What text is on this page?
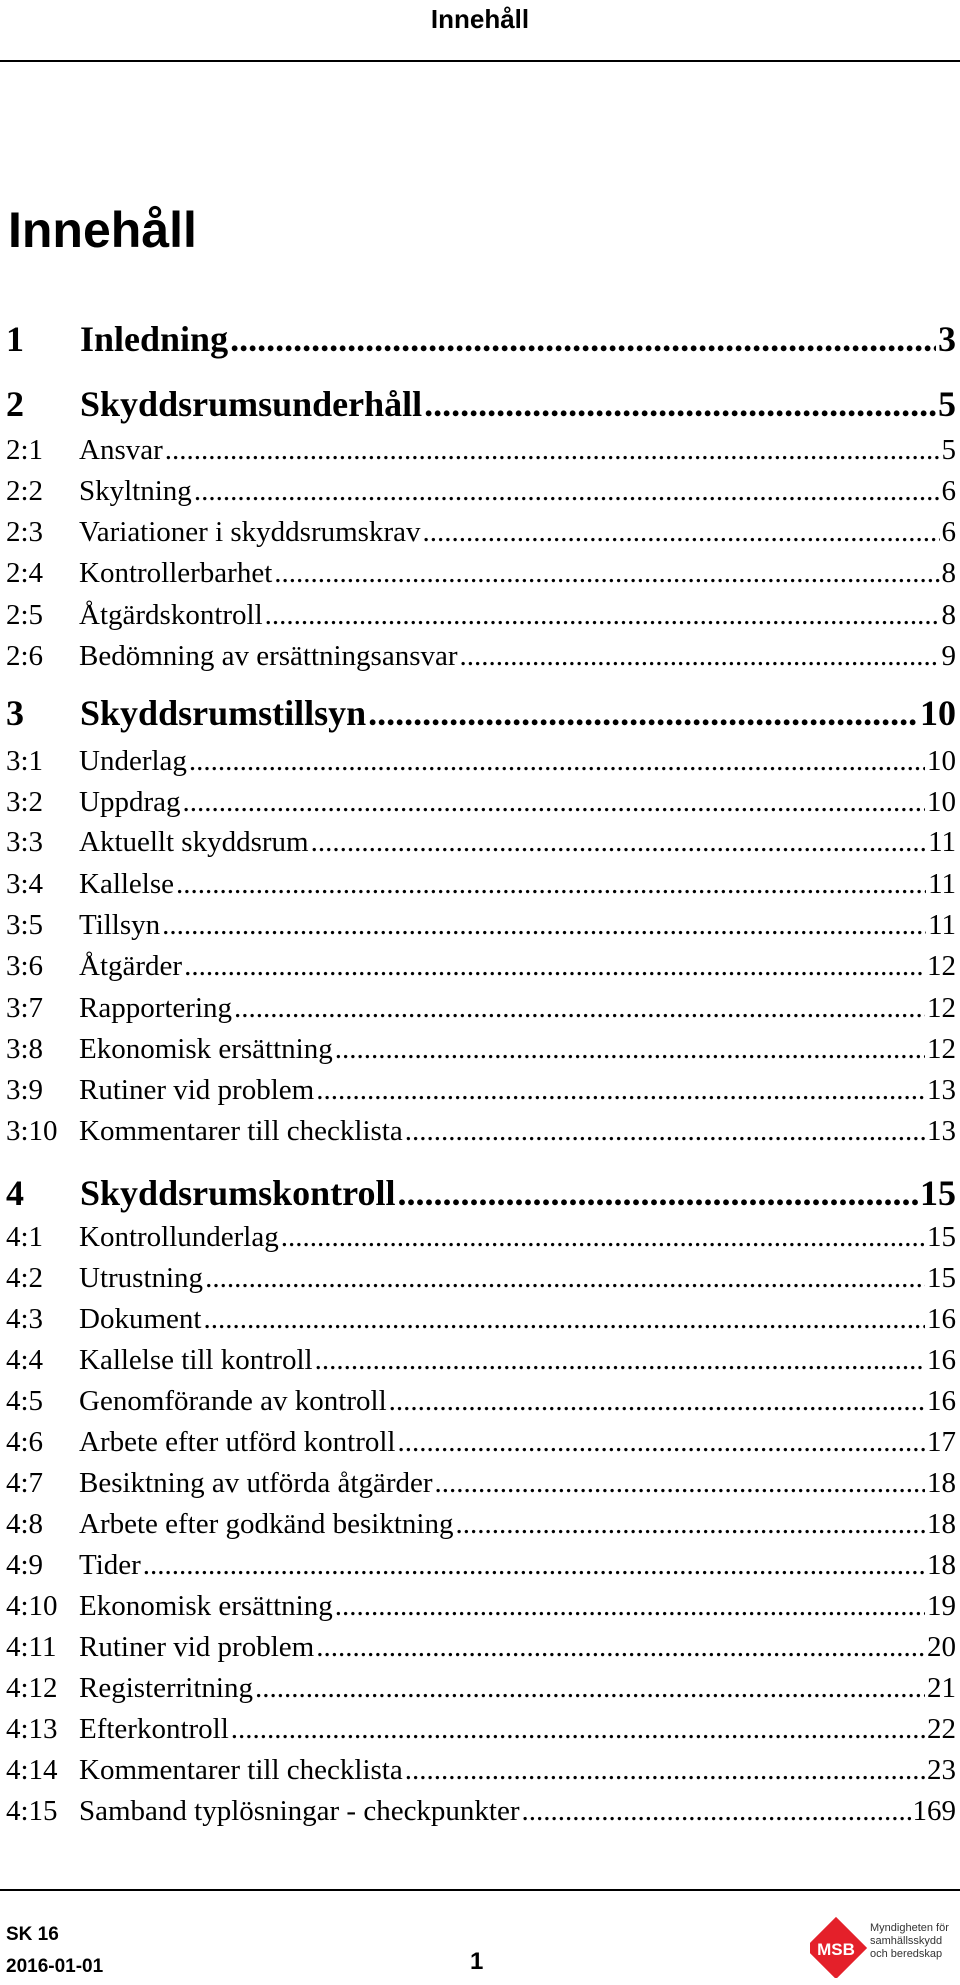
Innehåll
Innehåll
1	Inledning .....	3
2	Skyddsrumsunderhåll .....	5
2:1	Ansvar .....	5
2:2	Skyltning .....	6
2:3	Variationer i skyddsrumskrav .....	6
2:4	Kontrollerbarhet .....	8
2:5	Åtgärdskontroll .....	8
2:6	Bedömning av ersättningsansvar .....	9
3	Skyddsrumstillsyn .....	10
3:1	Underlag .....	10
3:2	Uppdrag .....	10
3:3	Aktuellt skyddsrum .....	11
3:4	Kallelse .....	11
3:5	Tillsyn .....	11
3:6	Åtgärder .....	12
3:7	Rapportering .....	12
3:8	Ekonomisk ersättning .....	12
3:9	Rutiner vid problem .....	13
3:10 Kommentarer till checklista .....	13
4	Skyddsrumskontroll .....	15
4:1	Kontrollunderlag .....	15
4:2	Utrustning .....	15
4:3	Dokument .....	16
4:4	Kallelse till kontroll .....	16
4:5	Genomförande av kontroll .....	16
4:6	Arbete efter utförd kontroll .....	17
4:7	Besiktning av utförda åtgärder .....	18
4:8	Arbete efter godkänd besiktning .....	18
4:9	Tider .....	18
4:10 Ekonomisk ersättning .....	19
4:11 Rutiner vid problem .....	20
4:12 Registerritning .....	21
4:13 Efterkontroll .....	22
4:14 Kommentarer till checklista .....	23
4:15 Samband typlösningar - checkpunkter .....	169
SK 16
2016-01-01	1	MSB
Myndigheten för samhällsskydd och beredskap
